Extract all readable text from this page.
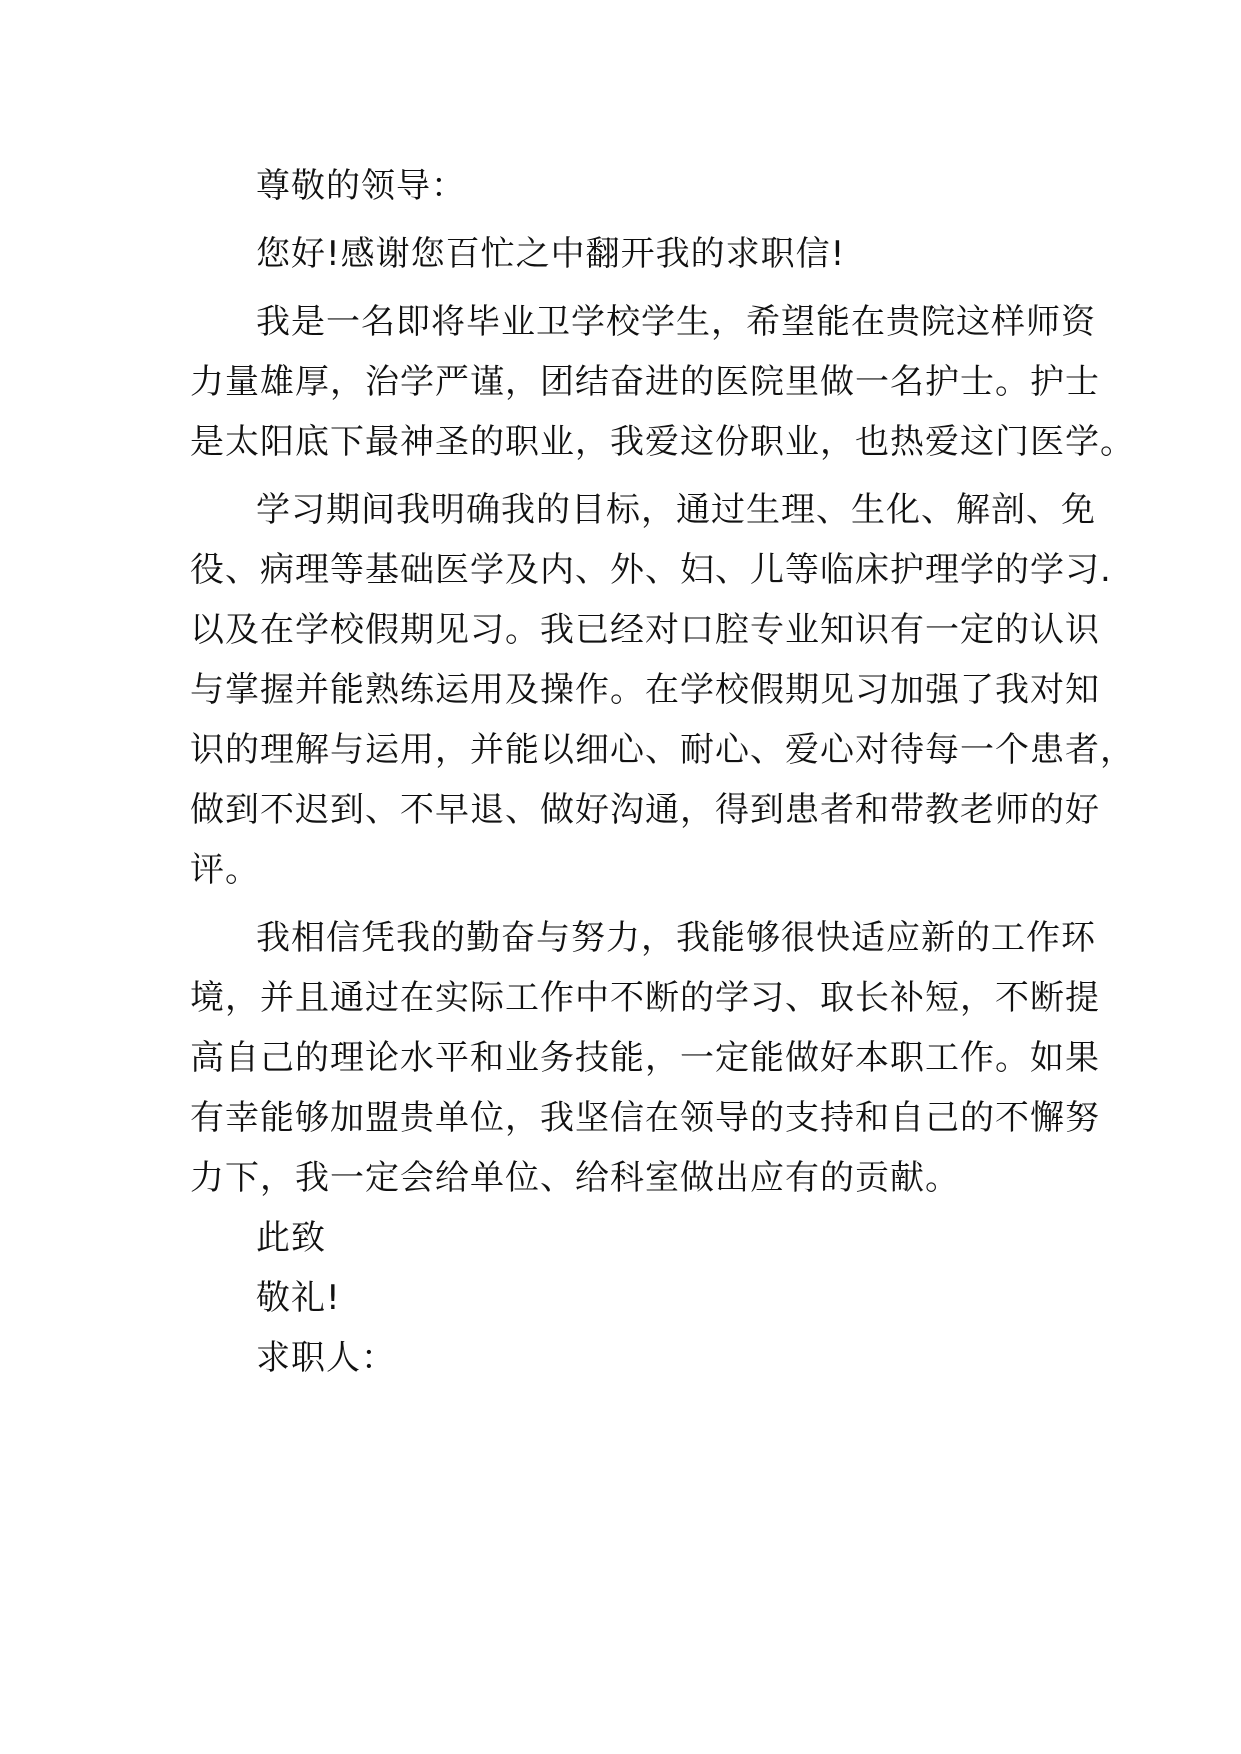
尊敬的领导：
您好!感谢您百忙之中翻开我的求职信!
我是一名即将毕业卫学校学生，希望能在贵院这样师资
力量雄厚，治学严谨，团结奋进的医院里做一名护士。护士
是太阳底下最神圣的职业，我爱这份职业，也热爱这门医学。
学习期间我明确我的目标，通过生理、生化、解剖、免
役、病理等基础医学及内、外、妇、儿等临床护理学的学习.
以及在学校假期见习。我已经对口腔专业知识有一定的认识
与掌握并能熟练运用及操作。在学校假期见习加强了我对知
识的理解与运用，并能以细心、耐心、爱心对待每一个患者，
做到不迟到、不早退、做好沟通，得到患者和带教老师的好
评。
我相信凭我的勤奋与努力，我能够很快适应新的工作环
境，并且通过在实际工作中不断的学习、取长补短，不断提
高自己的理论水平和业务技能，一定能做好本职工作。如果
有幸能够加盟贵单位，我坚信在领导的支持和自己的不懈努
力下，我一定会给单位、给科室做出应有的贡献。
此致
敬礼!
求职人：
